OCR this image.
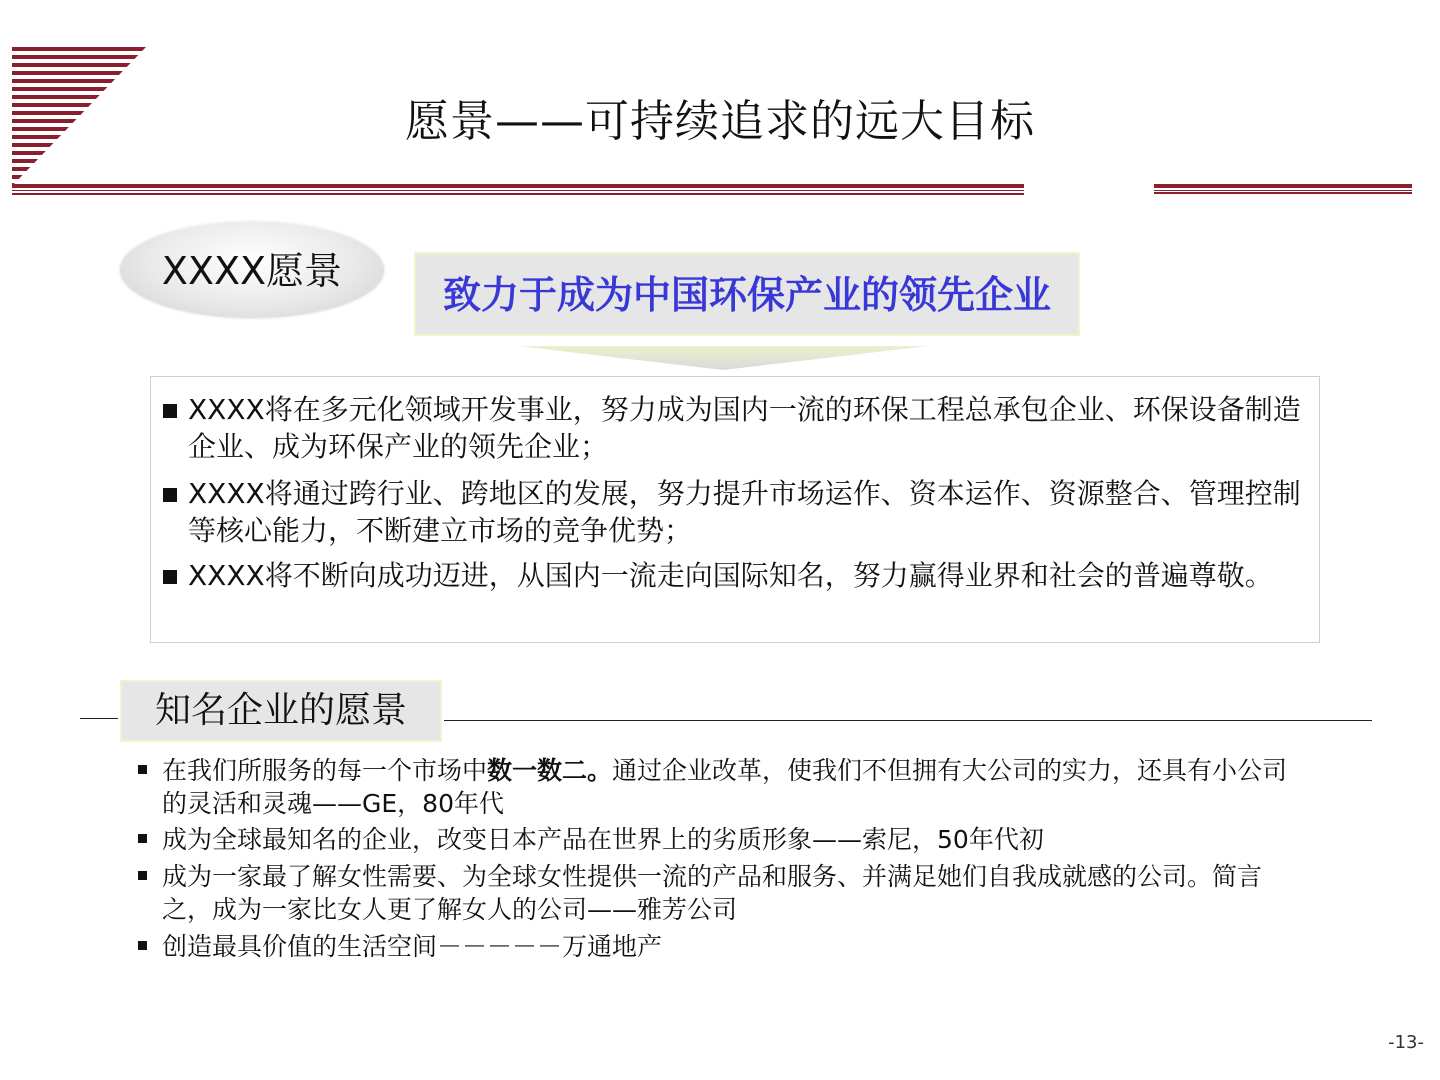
愿景——可持续追求的远大目标
XXXX愿景
致力于成为中国环保产业的领先企业
XXXX将在多元化领域开发事业，努力成为国内一流的环保工程总承包企业、环保设备制造企业、成为环保产业的领先企业；
XXXX将通过跨行业、跨地区的发展，努力提升市场运作、资本运作、资源整合、管理控制等核心能力，不断建立市场的竞争优势；
XXXX将不断向成功迈进，从国内一流走向国际知名，努力赢得业界和社会的普遍尊敬。
知名企业的愿景
在我们所服务的每一个市场中数一数二。通过企业改革，使我们不但拥有大公司的实力，还具有小公司的灵活和灵魂——GE，80年代
成为全球最知名的企业，改变日本产品在世界上的劣质形象——索尼，50年代初
成为一家最了解女性需要、为全球女性提供一流的产品和服务、并满足她们自我成就感的公司。简言之，成为一家比女人更了解女人的公司——雅芳公司
创造最具价值的生活空间－－－－－万通地产
-13-
